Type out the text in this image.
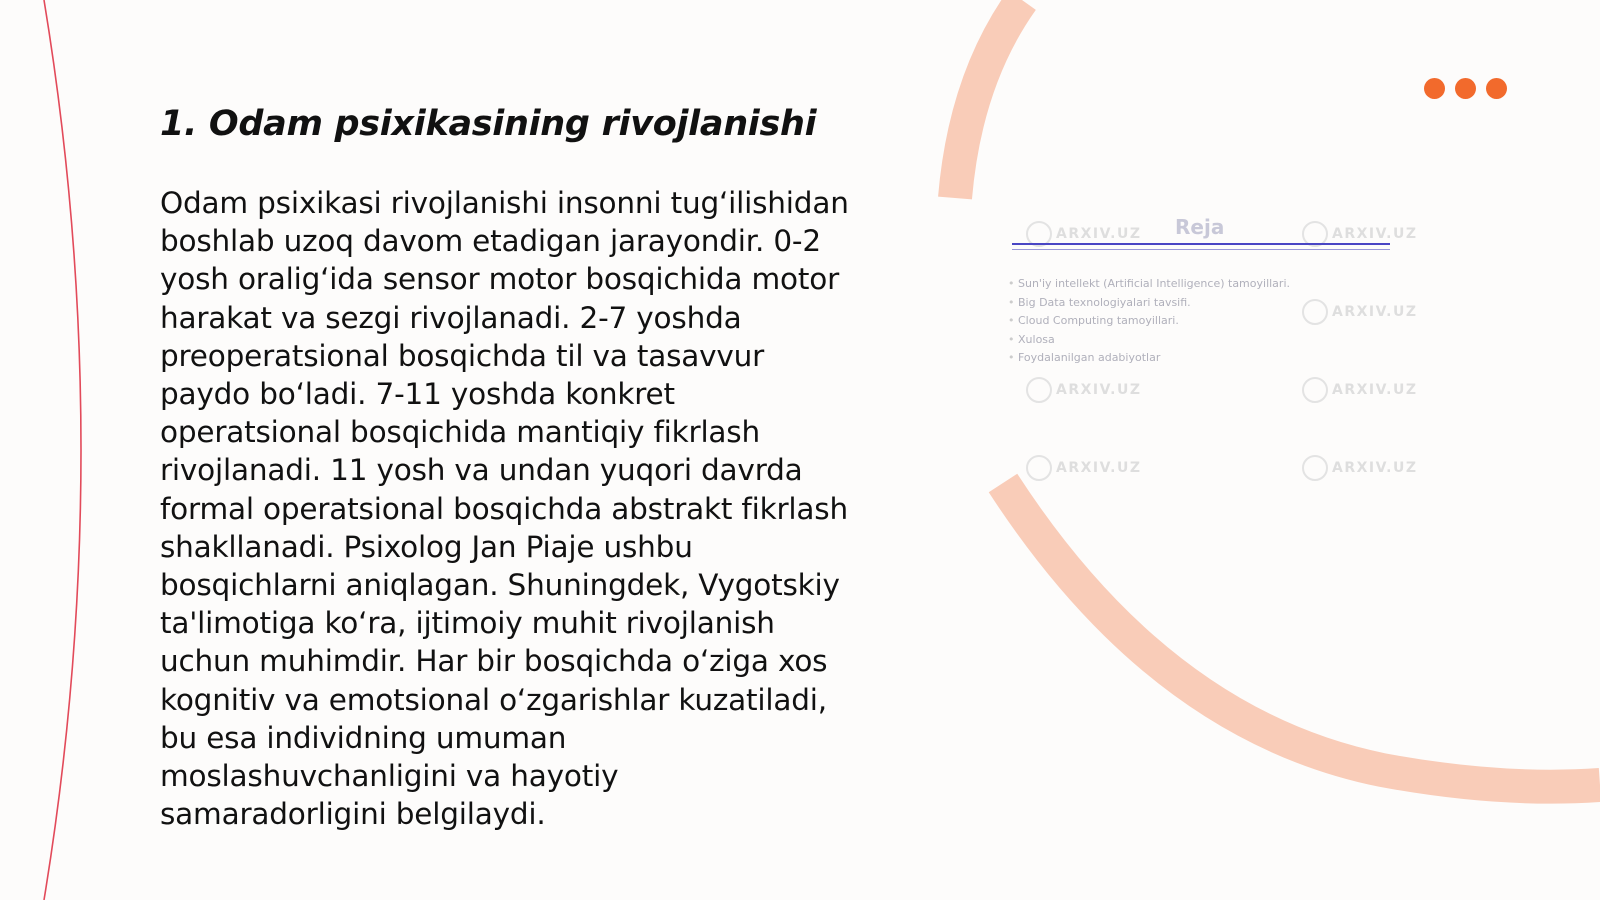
1. Odam psixikasining rivojlanishi

Odam psixikasi rivojlanishi insonni tug‘ilishidan boshlab uzoq davom etadigan jarayondir. 0-2 yosh oralig‘ida sensor motor bosqichida motor harakat va sezgi rivojlanadi. 2-7 yoshda preoperatsional bosqichda til va tasavvur paydo bo‘ladi. 7-11 yoshda konkret operatsional bosqichida mantiqiy fikrlash rivojlanadi. 11 yosh va undan yuqori davrda formal operatsional bosqichda abstrakt fikrlash shakllanadi. Psixolog Jan Piaje ushbu bosqichlarni aniqlagan. Shuningdek, Vygotskiy ta'limotiga ko‘ra, ijtimoiy muhit rivojlanish uchun muhimdir. Har bir bosqichda o‘ziga xos kognitiv va emotsional o‘zgarishlar kuzatiladi, bu esa individning umuman moslashuvchanligini va hayotiy samaradorligini belgilaydi.

ARXIV.UZ	ARXIV.UZ
ARXIV.UZ
ARXIV.UZ	ARXIV.UZ
ARXIV.UZ	ARXIV.UZ
Reja
• Sun'iy intellekt (Artificial Intelligence) tamoyillari.
• Big Data texnologiyalari tavsifi.
• Cloud Computing tamoyillari.
• Xulosa
• Foydalanilgan adabiyotlar
